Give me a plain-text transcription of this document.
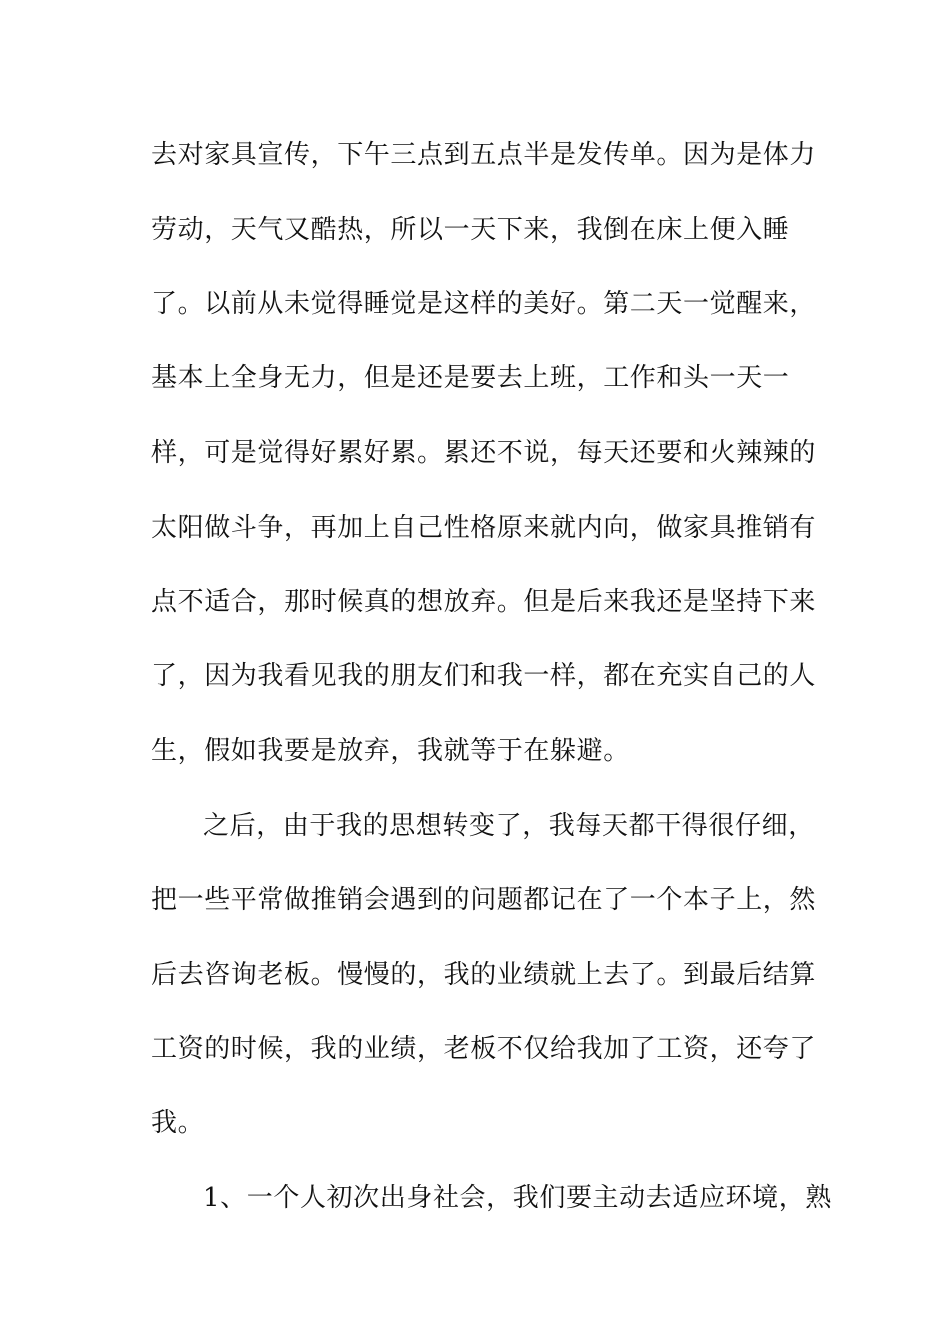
去对家具宣传，下午三点到五点半是发传单。因为是体力
劳动，天气又酷热，所以一天下来，我倒在床上便入睡
了。以前从未觉得睡觉是这样的美好。第二天一觉醒来，
基本上全身无力，但是还是要去上班，工作和头一天一
样，可是觉得好累好累。累还不说，每天还要和火辣辣的
太阳做斗争，再加上自己性格原来就内向，做家具推销有
点不适合，那时候真的想放弃。但是后来我还是坚持下来
了，因为我看见我的朋友们和我一样，都在充实自己的人
生，假如我要是放弃，我就等于在躲避。
之后，由于我的思想转变了，我每天都干得很仔细，
把一些平常做推销会遇到的问题都记在了一个本子上，然
后去咨询老板。慢慢的，我的业绩就上去了。到最后结算
工资的时候，我的业绩，老板不仅给我加了工资，还夸了
我。
1、一个人初次出身社会，我们要主动去适应环境，熟
